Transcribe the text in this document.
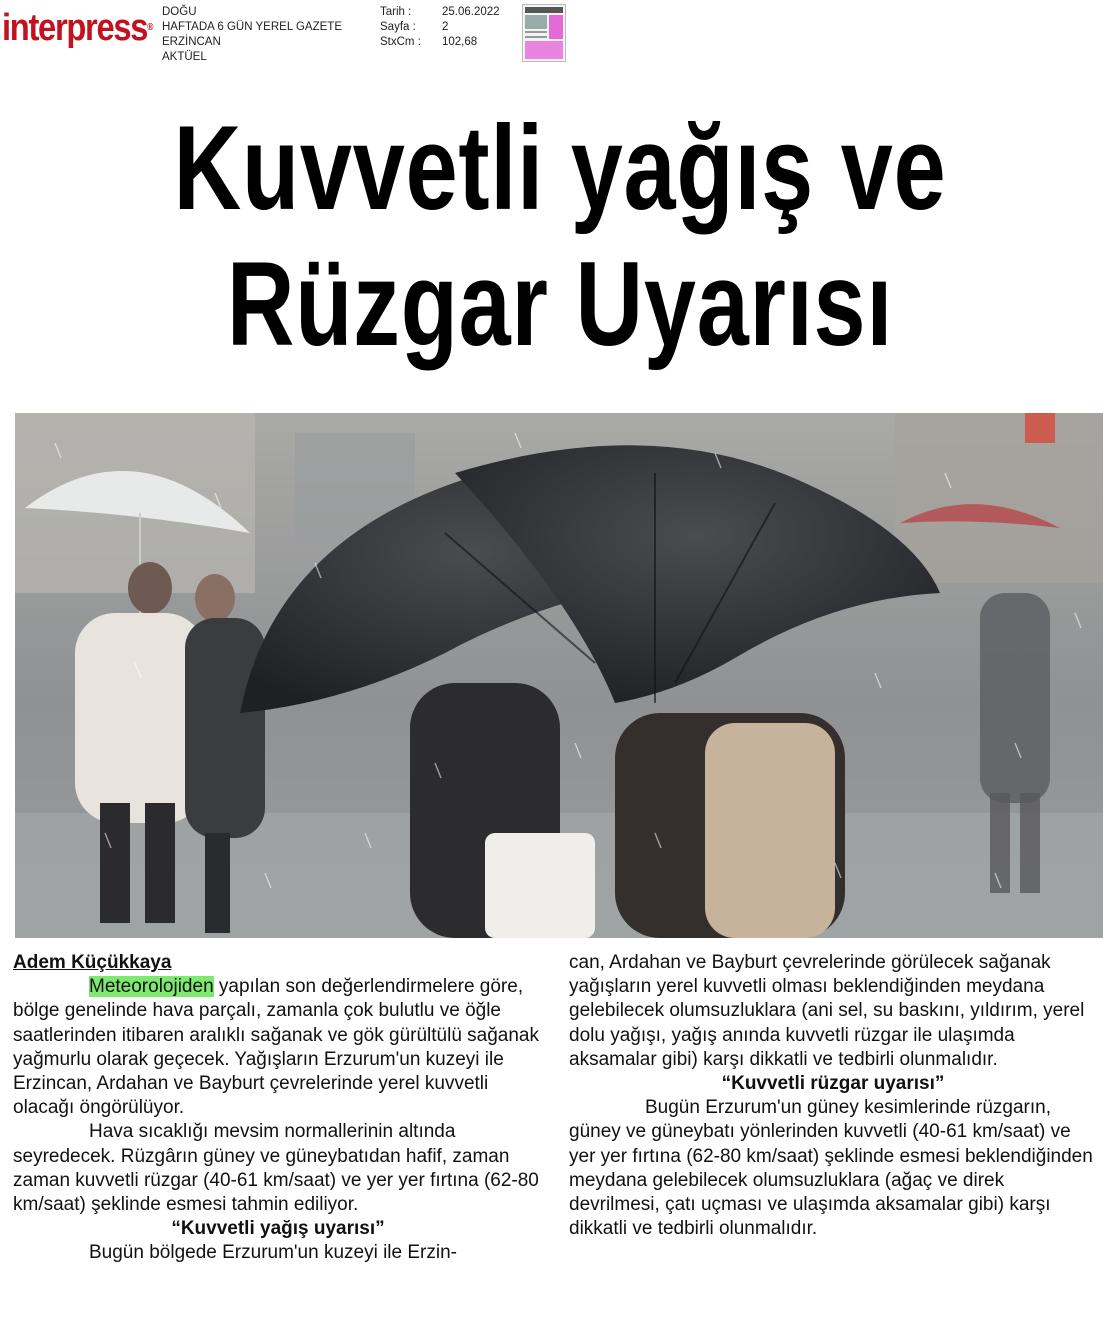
interpress®
DOĞU
HAFTADA 6 GÜN YEREL GAZETE
ERZİNCAN
AKTÜEL
Tarih :	25.06.2022
Sayfa :	2
StxCm :	102,68
Kuvvetli yağış ve
Rüzgar Uyarısı

Adem Küçükkaya

Meteorolojiden yapılan son değerlendirmelere göre, bölge genelinde hava parçalı, zamanla çok bulutlu ve öğle saatlerinden itibaren aralıklı sağanak ve gök gürültülü sağanak yağmurlu olarak geçecek. Yağışların Erzurum'un kuzeyi ile Erzincan, Ardahan ve Bayburt çevrelerinde yerel kuvvetli olacağı öngörülüyor.

Hava sıcaklığı mevsim normallerinin altında seyredecek. Rüzgârın güney ve güneybatıdan hafif, zaman zaman kuvvetli rüzgar (40-61 km/saat) ve yer yer fırtına (62-80 km/saat) şeklinde esmesi tahmin ediliyor.

“Kuvvetli yağış uyarısı”

Bugün bölgede Erzurum'un kuzeyi ile Erzin-

can, Ardahan ve Bayburt çevrelerinde görülecek sağanak yağışların yerel kuvvetli olması beklendiğinden meydana gelebilecek olumsuzluklara (ani sel, su baskını, yıldırım, yerel dolu yağışı, yağış anında kuvvetli rüzgar ile ulaşımda aksamalar gibi) karşı dikkatli ve tedbirli olunmalıdır.

“Kuvvetli rüzgar uyarısı”

Bugün Erzurum'un güney kesimlerinde rüzgarın, güney ve güneybatı yönlerinden kuvvetli (40-61 km/saat) ve yer yer fırtına (62-80 km/saat) şeklinde esmesi beklendiğinden meydana gelebilecek olumsuzluklara (ağaç ve direk devrilmesi, çatı uçması ve ulaşımda aksamalar gibi) karşı dikkatli ve tedbirli olunmalıdır.
